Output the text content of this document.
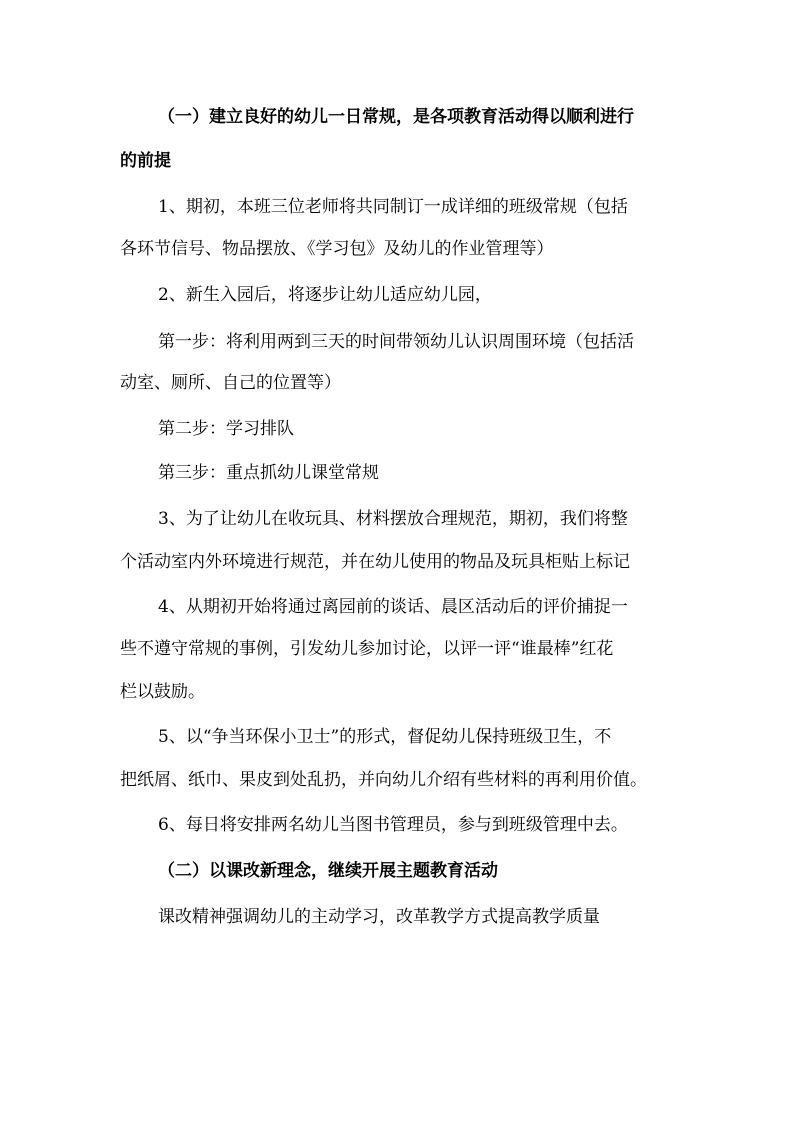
（一）建立良好的幼儿一日常规，是各项教育活动得以顺利进行
的前提
1、期初，本班三位老师将共同制订一成详细的班级常规（包括
各环节信号、物品摆放、《学习包》及幼儿的作业管理等）
2、新生入园后，将逐步让幼儿适应幼儿园，
第一步：将利用两到三天的时间带领幼儿认识周围环境（包括活
动室、厕所、自己的位置等）
第二步：学习排队
第三步：重点抓幼儿课堂常规
3、为了让幼儿在收玩具、材料摆放合理规范，期初，我们将整
个活动室内外环境进行规范，并在幼儿使用的物品及玩具柜贴上标记
4、从期初开始将通过离园前的谈话、晨区活动后的评价捕捉一
些不遵守常规的事例，引发幼儿参加讨论，以评一评“谁最棒”红花
栏以鼓励。
5、以“争当环保小卫士”的形式，督促幼儿保持班级卫生，不
把纸屑、纸巾、果皮到处乱扔，并向幼儿介绍有些材料的再利用价值。
6、每日将安排两名幼儿当图书管理员，参与到班级管理中去。
（二）以课改新理念，继续开展主题教育活动
课改精神强调幼儿的主动学习，改革教学方式提高教学质量
